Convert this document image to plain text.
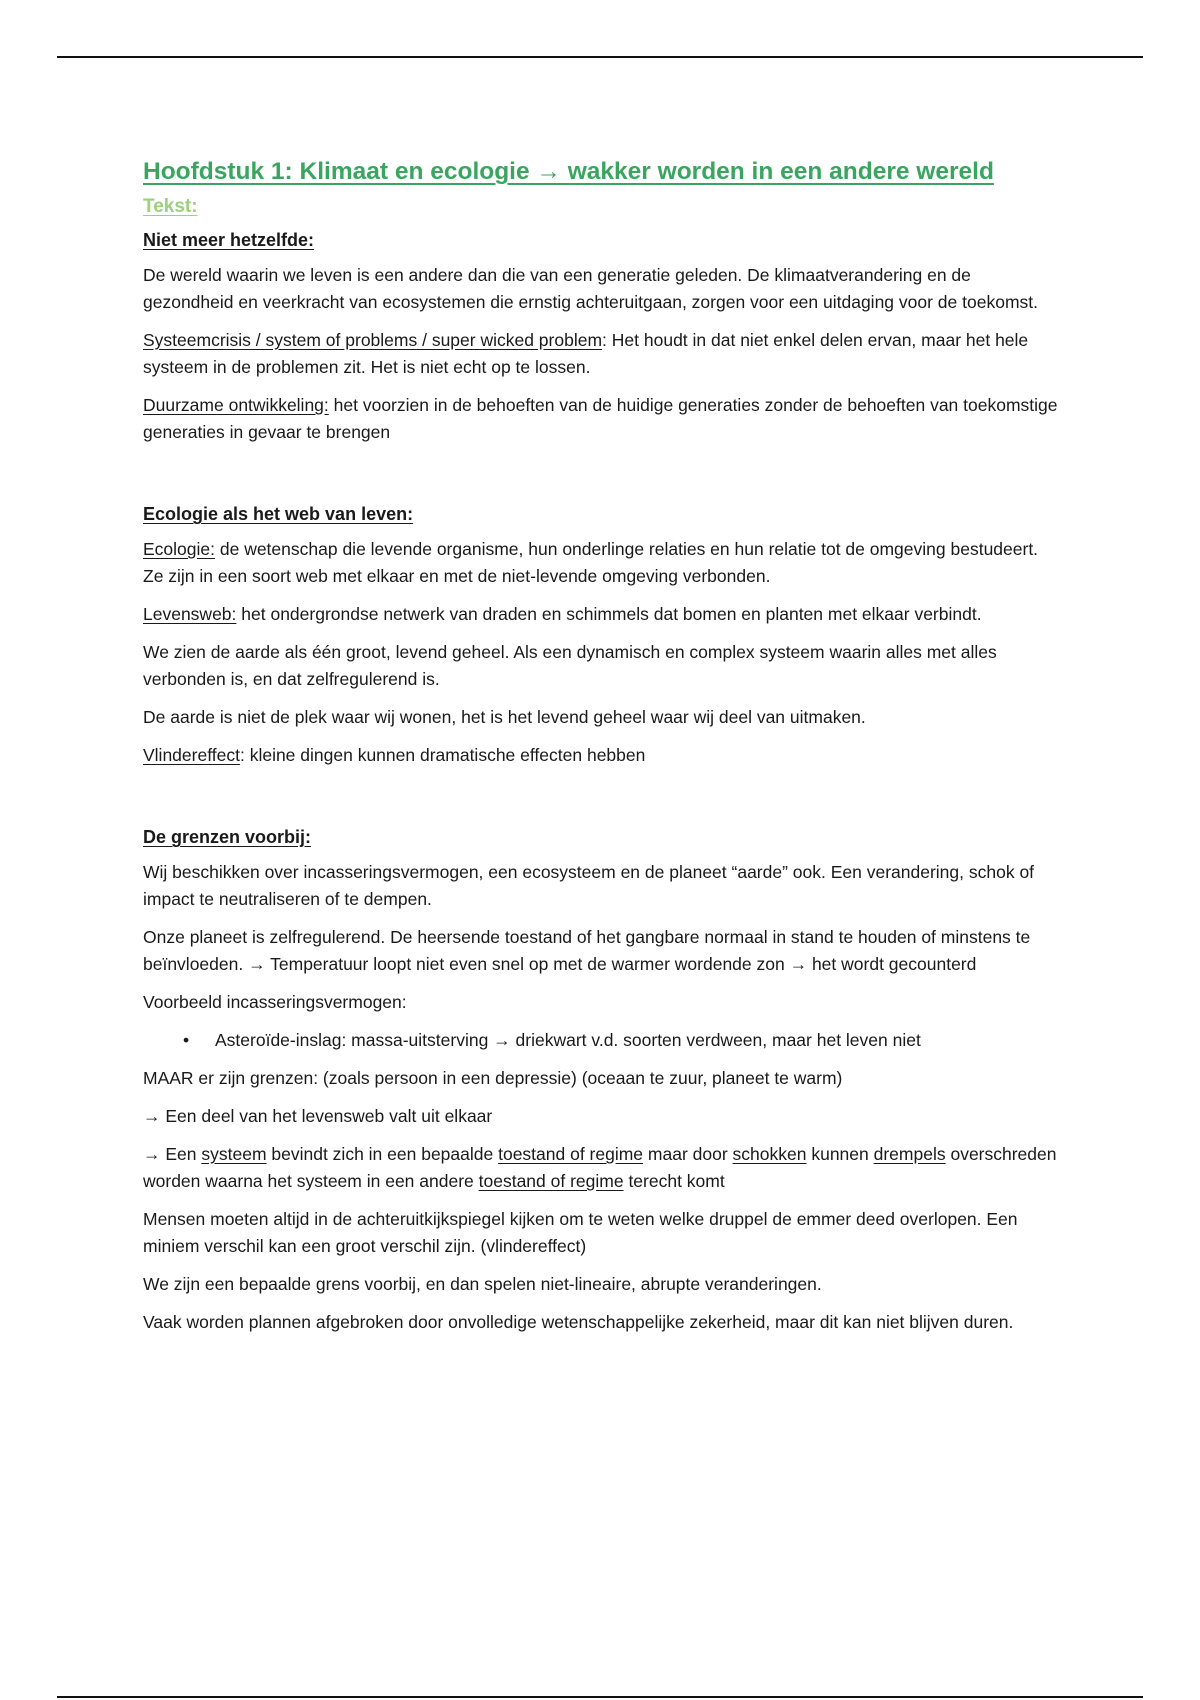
Hoofdstuk 1: Klimaat en ecologie → wakker worden in een andere wereld
Tekst:
Niet meer hetzelfde:

De wereld waarin we leven is een andere dan die van een generatie geleden. De klimaatverandering en de gezondheid en veerkracht van ecosystemen die ernstig achteruitgaan, zorgen voor een uitdaging voor de toekomst.

Systeemcrisis / system of problems / super wicked problem: Het houdt in dat niet enkel delen ervan, maar het hele systeem in de problemen zit. Het is niet echt op te lossen.

Duurzame ontwikkeling: het voorzien in de behoeften van de huidige generaties zonder de behoeften van toekomstige generaties in gevaar te brengen

Ecologie als het web van leven:

Ecologie: de wetenschap die levende organisme, hun onderlinge relaties en hun relatie tot de omgeving bestudeert. Ze zijn in een soort web met elkaar en met de niet-levende omgeving verbonden.

Levensweb: het ondergrondse netwerk van draden en schimmels dat bomen en planten met elkaar verbindt.

We zien de aarde als één groot, levend geheel. Als een dynamisch en complex systeem waarin alles met alles verbonden is, en dat zelfregulerend is.

De aarde is niet de plek waar wij wonen, het is het levend geheel waar wij deel van uitmaken.

Vlindereffect: kleine dingen kunnen dramatische effecten hebben

De grenzen voorbij:

Wij beschikken over incasseringsvermogen, een ecosysteem en de planeet “aarde” ook. Een verandering, schok of impact te neutraliseren of te dempen.

Onze planeet is zelfregulerend. De heersende toestand of het gangbare normaal in stand te houden of minstens te beïnvloeden. → Temperatuur loopt niet even snel op met de warmer wordende zon → het wordt gecounterd

Voorbeeld incasseringsvermogen:

• Asteroïde-inslag: massa-uitsterving → driekwart v.d. soorten verdween, maar het leven niet

MAAR er zijn grenzen: (zoals persoon in een depressie) (oceaan te zuur, planeet te warm)

→ Een deel van het levensweb valt uit elkaar

→ Een systeem bevindt zich in een bepaalde toestand of regime maar door schokken kunnen drempels overschreden worden waarna het systeem in een andere toestand of regime terecht komt

Mensen moeten altijd in de achteruitkijkspiegel kijken om te weten welke druppel de emmer deed overlopen. Een miniem verschil kan een groot verschil zijn. (vlindereffect)

We zijn een bepaalde grens voorbij, en dan spelen niet-lineaire, abrupte veranderingen.

Vaak worden plannen afgebroken door onvolledige wetenschappelijke zekerheid, maar dit kan niet blijven duren.
